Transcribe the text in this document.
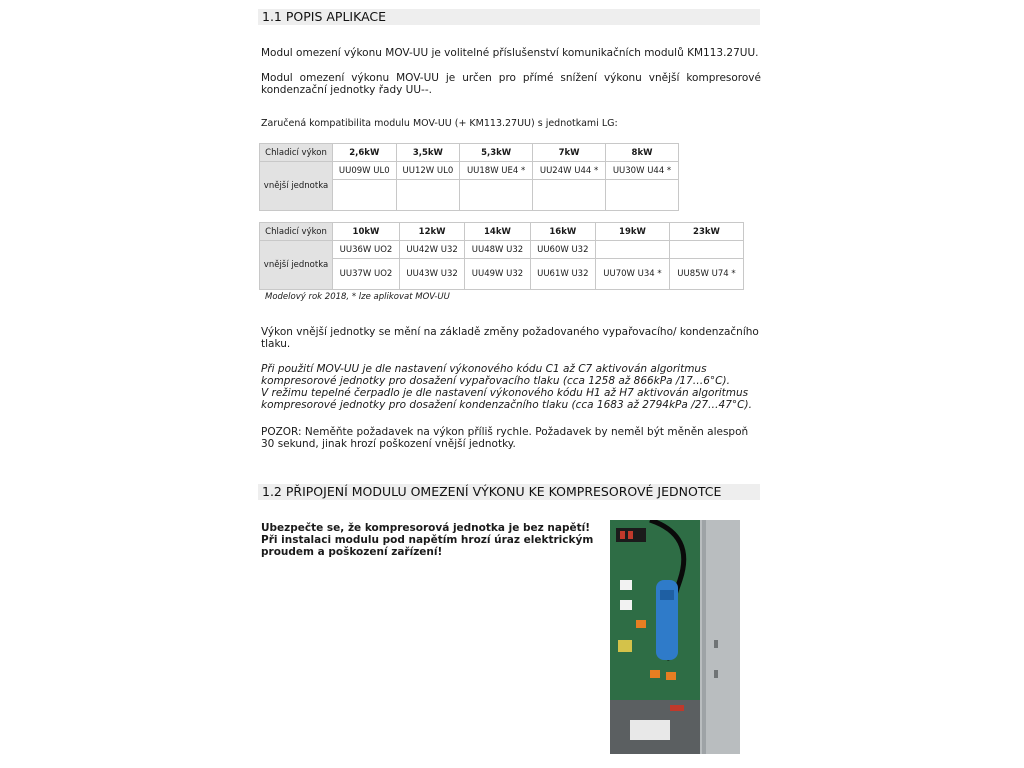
1.1 POPIS APLIKACE

Modul omezení výkonu MOV-UU je volitelné příslušenství komunikačních modulů KM113.27UU.

Modul omezení výkonu MOV-UU je určen pro přímé snížení výkonu vnější kompresorové kondenzační jednotky řady UU--.

Zaručená kompatibilita modulu MOV-UU (+ KM113.27UU) s jednotkami LG:

Chladicí výkon	2,6kW	3,5kW	5,3kW	7kW	8kW
vnější jednotka	UU09W UL0	UU12W UL0	UU18W UE4 *	UU24W U44 *	UU30W U44 *

Chladicí výkon	10kW	12kW	14kW	16kW	19kW	23kW
vnější jednotka	UU36W UO2	UU42W U32	UU48W U32	UU60W U32		
	UU37W UO2	UU43W U32	UU49W U32	UU61W U32	UU70W U34 *	UU85W U74 *
Modelový rok 2018, * lze aplikovat MOV-UU

Výkon vnější jednotky se mění na základě změny požadovaného vypařovacího/ kondenzačního tlaku.

Při použití MOV-UU je dle nastavení výkonového kódu C1 až C7 aktivován algoritmus

kompresorové jednotky pro dosažení vypařovacího tlaku (cca 1258 až 866kPa /17…6°C).

V režimu tepelné čerpadlo je dle nastavení výkonového kódu H1 až H7 aktivován algoritmus

kompresorové jednotky pro dosažení kondenzačního tlaku (cca 1683 až 2794kPa /27…47°C).

POZOR: Neměňte požadavek na výkon příliš rychle. Požadavek by neměl být měněn alespoň 30 sekund, jinak hrozí poškození vnější jednotky.

1.2 PŘIPOJENÍ MODULU OMEZENÍ VÝKONU KE KOMPRESOROVÉ JEDNOTCE

Ubezpečte se, že kompresorová jednotka je bez napětí!

Při instalaci modulu pod napětím hrozí úraz elektrickým

proudem a poškození zařízení!
